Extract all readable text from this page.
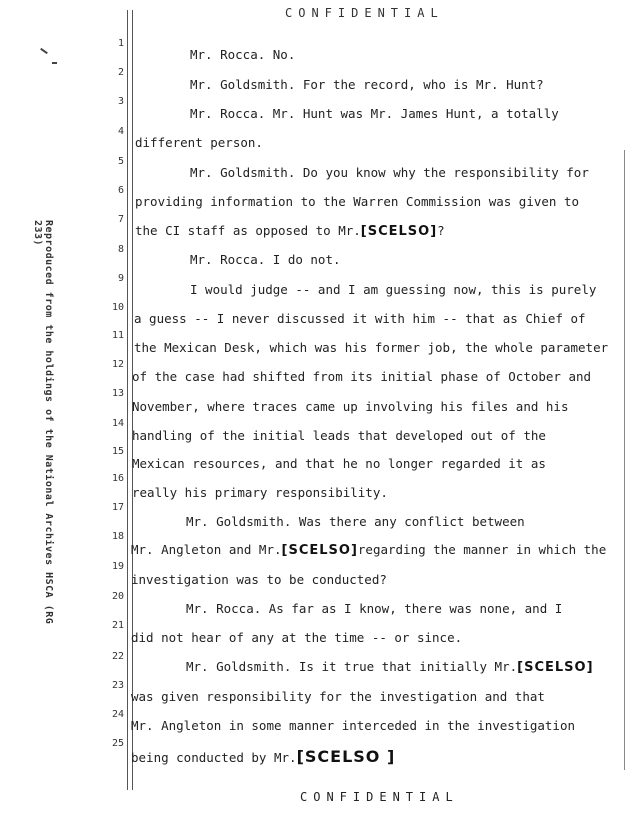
CONFIDENTIAL
Reproduced from the holdings of the National Archives HSCA (RG 233)
1
2
3
4
5
6
7
8
9
10
11
12
13
14
15
16
17
18
19
20
21
22
23
24
25
Mr. Rocca. No.
Mr. Goldsmith. For the record, who is Mr. Hunt?
Mr. Rocca. Mr. Hunt was Mr. James Hunt, a totally
different person.
Mr. Goldsmith. Do you know why the responsibility for
providing information to the Warren Commission was given to
the CI staff as opposed to Mr.[SCELSO]?
Mr. Rocca. I do not.
I would judge -- and I am guessing now, this is purely
a guess -- I never discussed it with him -- that as Chief of
the Mexican Desk, which was his former job, the whole parameter
of the case had shifted from its initial phase of October and
November, where traces came up involving his files and his
handling of the initial leads that developed out of the
Mexican resources, and that he no longer regarded it as
really his primary responsibility.
Mr. Goldsmith. Was there any conflict between
Mr. Angleton and Mr.[SCELSO]regarding the manner in which the
investigation was to be conducted?
Mr. Rocca. As far as I know, there was none, and I
did not hear of any at the time -- or since.
Mr. Goldsmith. Is it true that initially Mr.[SCELSO]
was given responsibility for the investigation and that
Mr. Angleton in some manner interceded in the investigation
being conducted by Mr.[SCELSO ]
CONFIDENTIAL
